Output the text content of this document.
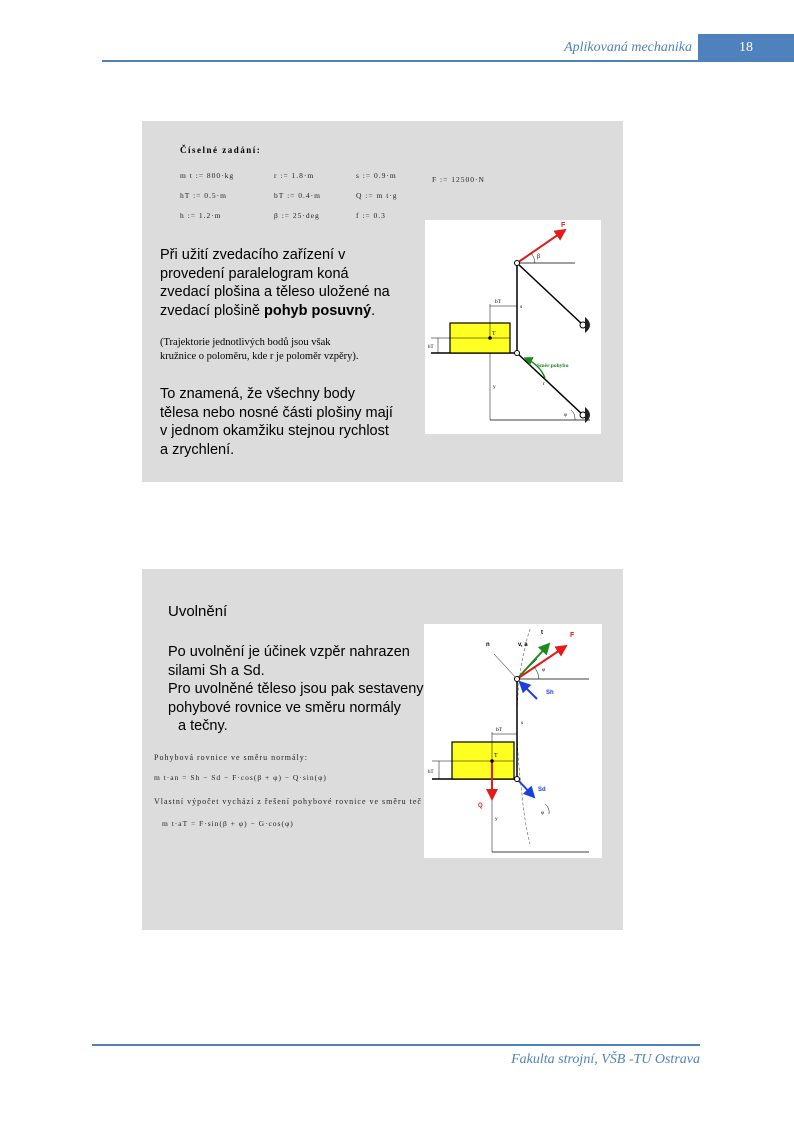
Aplikovaná mechanika	18
Číselné zadání:
m t := 800·kg	r := 1.8·m	s := 0.9·m	F := 12500·N
hT := 0.5·m	bT := 0.4·m	Q := m t·g
h := 1.2·m	β := 25·deg	f := 0.3
Při užití zvedacího zařízení v
provedení paralelogram koná
zvedací plošina a těleso uložené na
zvedací plošině pohyb posuvný.
(Trajektorie jednotlivých bodů jsou však
kružnice o poloměru, kde r je poloměr vzpěry).
To znamená, že všechny body
tělesa nebo nosné části plošiny mají
v jednom okamžiku stejnou rychlost
a zrychlení.
F
β
bT
s
T
hT
Směr pohybu
r
y
φ
Uvolnění
Po uvolnění je účinek vzpěr nahrazen
silami Sh a Sd.
Pro uvolněné těleso jsou pak sestaveny
pohybové rovnice ve směru normály
a tečny.
Pohybová rovnice ve směru normály:
m t·an = Sh − Sd − F·cos(β + φ) − Q·sin(φ)
Vlastní výpočet vychází z řešení pohybové rovnice ve směru teč
m t·aT = F·sin(β + φ) − G·cos(φ)
n
t
v, a
F
φ
Sh
bT
s
T
hT
Sd
Q
y
φ
Fakulta strojní, VŠB -TU Ostrava
